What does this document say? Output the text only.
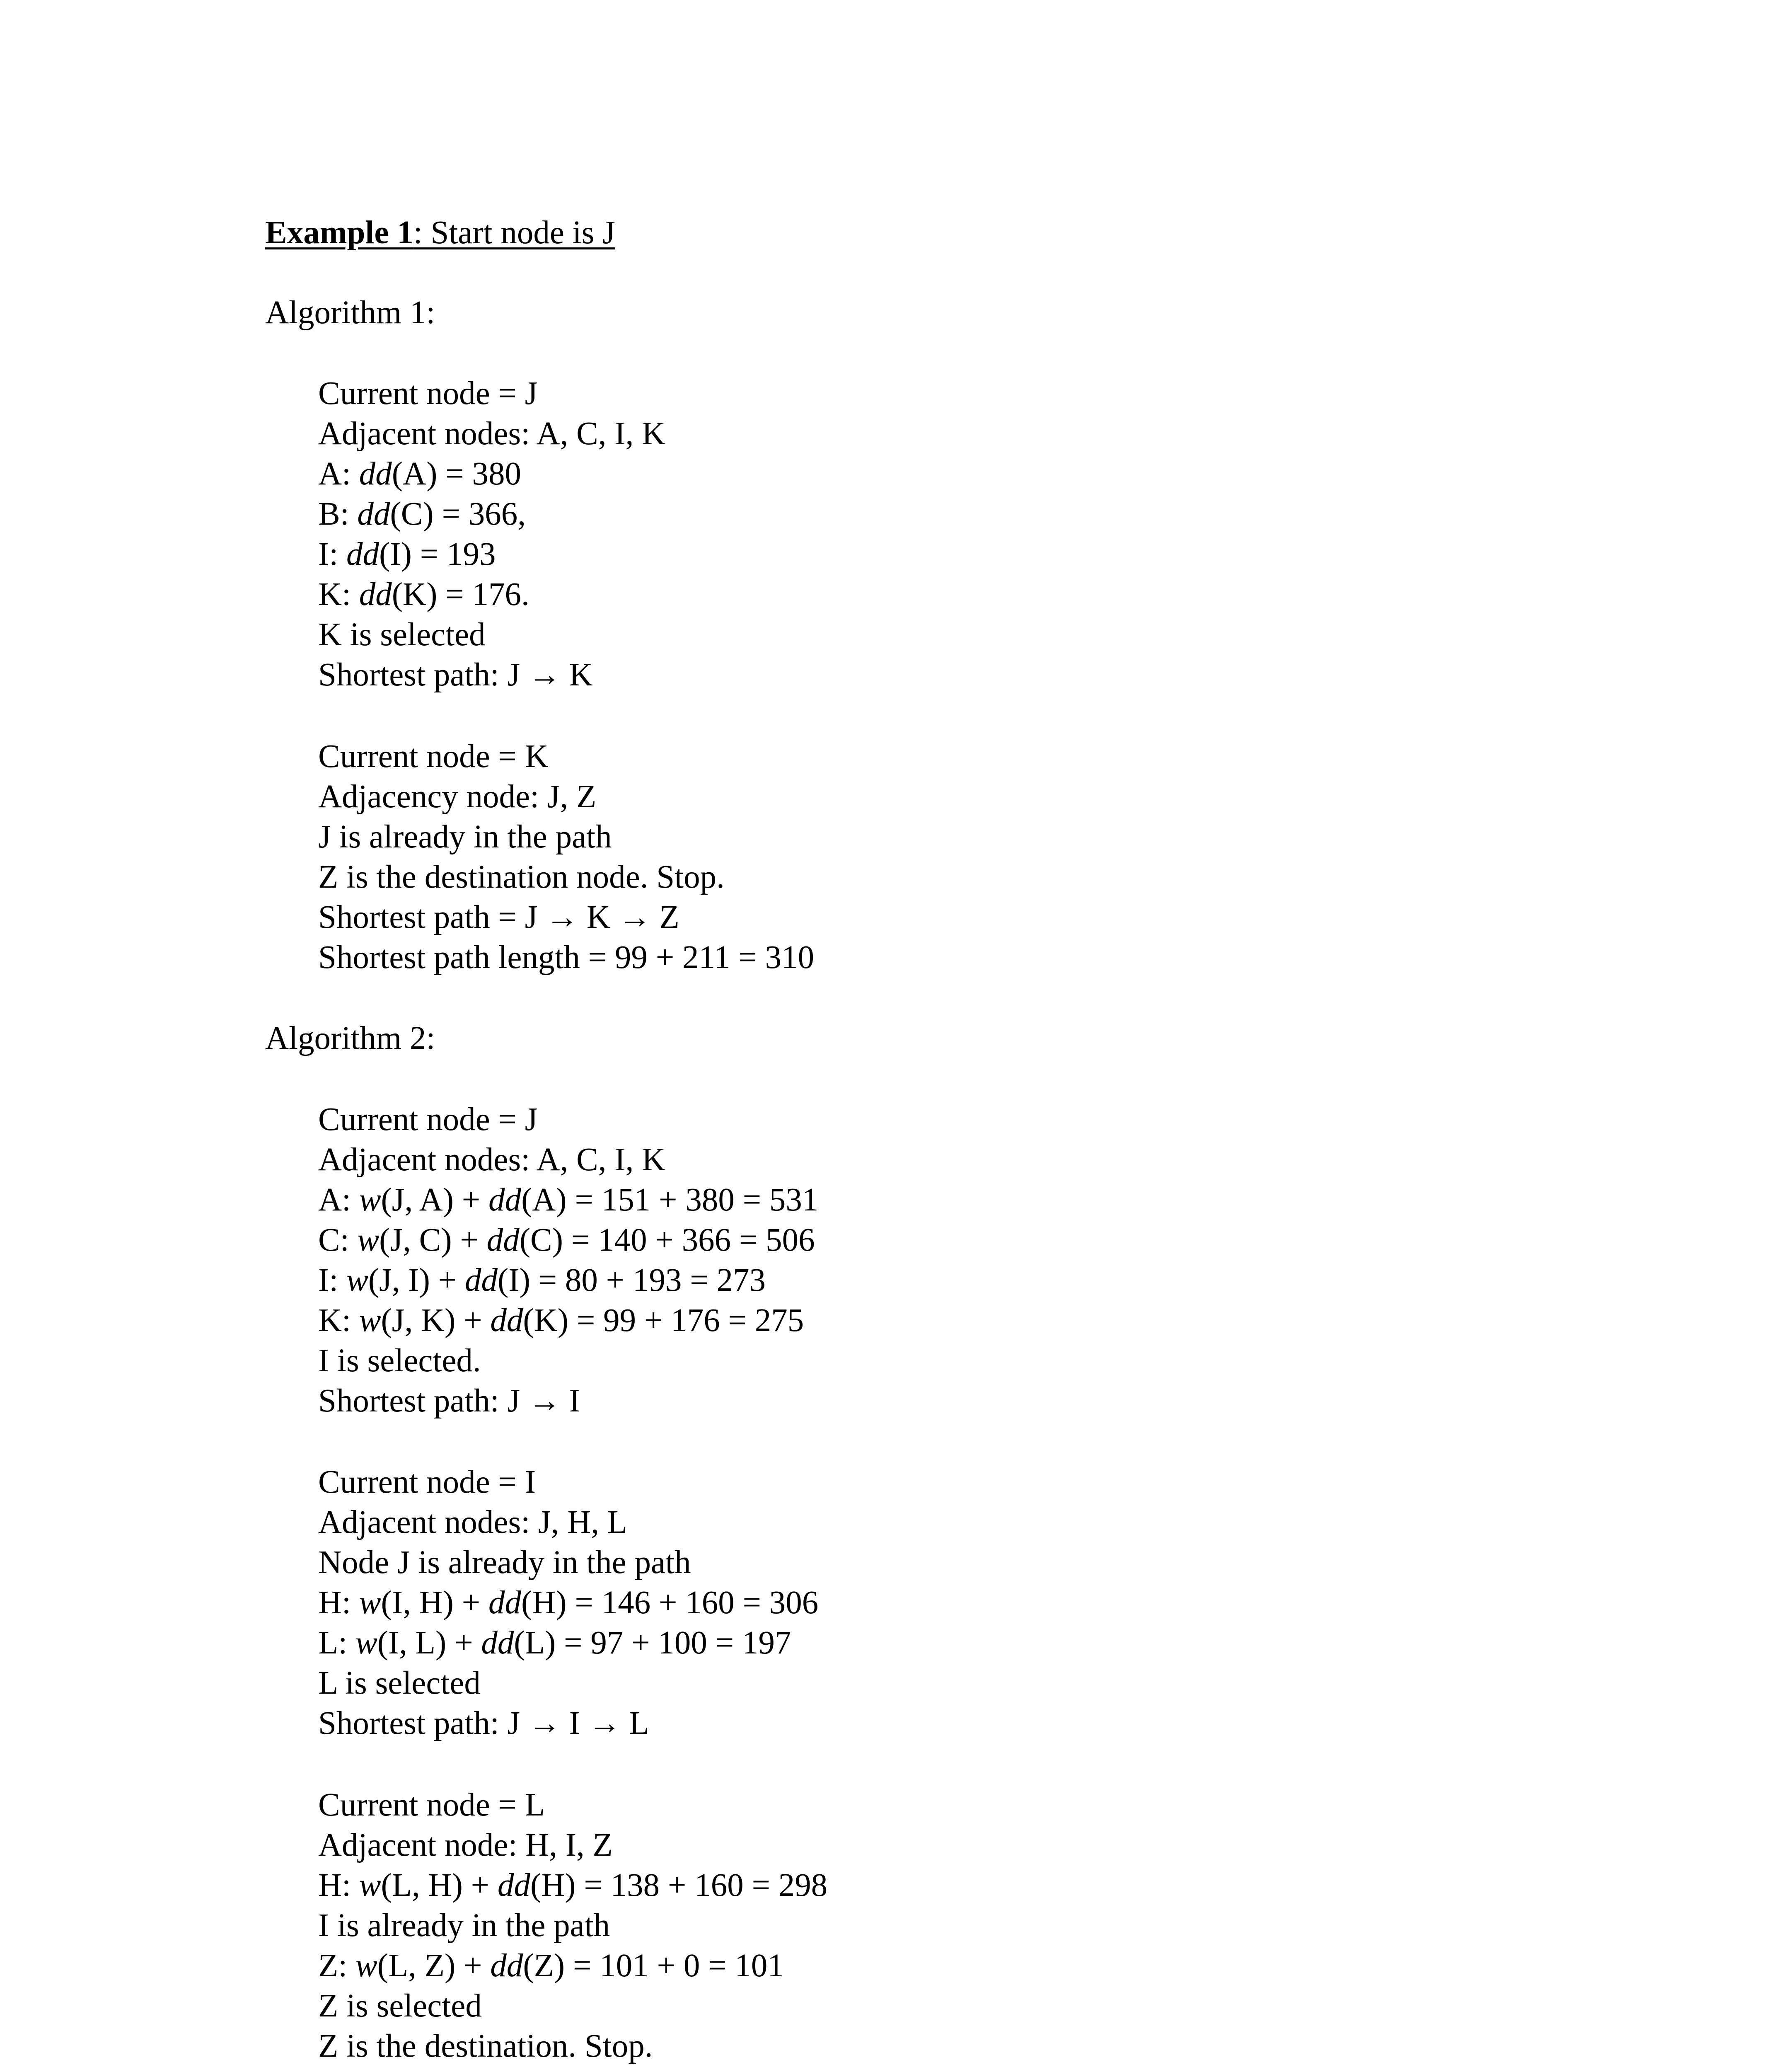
Example 1: Start node is J
Algorithm 1:
Current node = J
Adjacent nodes: A, C, I, K
A: dd(A) = 380
B: dd(C) = 366,
I: dd(I) = 193
K: dd(K) = 176.
K is selected
Shortest path: J → K
Current node = K
Adjacency node: J, Z
J is already in the path
Z is the destination node. Stop.
Shortest path = J → K → Z
Shortest path length = 99 + 211 = 310
Algorithm 2:
Current node = J
Adjacent nodes: A, C, I, K
A: w(J, A) + dd(A) = 151 + 380 = 531
C: w(J, C) + dd(C) = 140 + 366 = 506
I: w(J, I) + dd(I) = 80 + 193 = 273
K: w(J, K) + dd(K) = 99 + 176 = 275
I is selected.
Shortest path: J → I
Current node = I
Adjacent nodes: J, H, L
Node J is already in the path
H: w(I, H) + dd(H) = 146 + 160 = 306
L: w(I, L) + dd(L) = 97 + 100 = 197
L is selected
Shortest path: J → I → L
Current node = L
Adjacent node: H, I, Z
H: w(L, H) + dd(H) = 138 + 160 = 298
I is already in the path
Z: w(L, Z) + dd(Z) = 101 + 0 = 101
Z is selected
Z is the destination. Stop.
